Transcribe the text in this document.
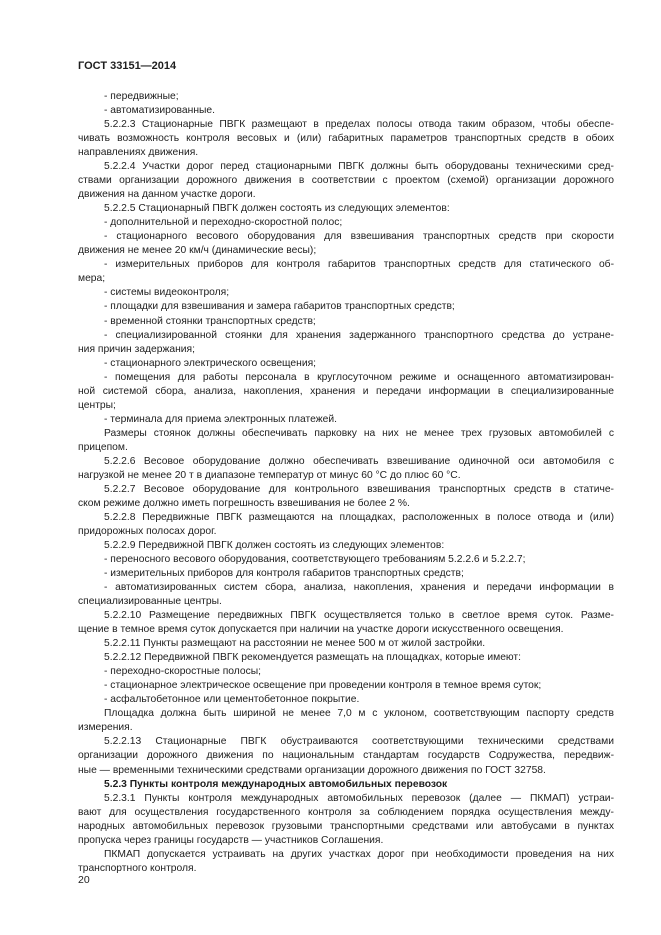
ГОСТ 33151—2014
- передвижные;
- автоматизированные.
5.2.2.3 Стационарные ПВГК размещают в пределах полосы отвода таким образом, чтобы обеспе-
чивать возможность контроля весовых и (или) габаритных параметров транспортных средств в обоих
направлениях движения.
5.2.2.4 Участки дорог перед стационарными ПВГК должны быть оборудованы техническими сред-
ствами организации дорожного движения в соответствии с проектом (схемой) организации дорожного
движения на данном участке дороги.
5.2.2.5 Стационарный ПВГК должен состоять из следующих элементов:
- дополнительной и переходно-скоростной полос;
- стационарного весового оборудования для взвешивания транспортных средств при скорости
движения не менее 20 км/ч (динамические весы);
- измерительных приборов для контроля габаритов транспортных средств для статического об-
мера;
- системы видеоконтроля;
- площадки для взвешивания и замера габаритов транспортных средств;
- временной стоянки транспортных средств;
- специализированной стоянки для хранения задержанного транспортного средства до устране-
ния причин задержания;
- стационарного электрического освещения;
- помещения для работы персонала в круглосуточном режиме и оснащенного автоматизирован-
ной системой сбора, анализа, накопления, хранения и передачи информации в специализированные
центры;
- терминала для приема электронных платежей.
Размеры стоянок должны обеспечивать парковку на них не менее трех грузовых автомобилей с
прицепом.
5.2.2.6 Весовое оборудование должно обеспечивать взвешивание одиночной оси автомобиля с
нагрузкой не менее 20 т в диапазоне температур от минус 60 °С до плюс 60 °С.
5.2.2.7 Весовое оборудование для контрольного взвешивания транспортных средств в статиче-
ском режиме должно иметь погрешность взвешивания не более 2 %.
5.2.2.8 Передвижные ПВГК размещаются на площадках, расположенных в полосе отвода и (или)
придорожных полосах дорог.
5.2.2.9 Передвижной ПВГК должен состоять из следующих элементов:
- переносного весового оборудования, соответствующего требованиям 5.2.2.6 и 5.2.2.7;
- измерительных приборов для контроля габаритов транспортных средств;
- автоматизированных систем сбора, анализа, накопления, хранения и передачи информации в
специализированные центры.
5.2.2.10 Размещение передвижных ПВГК осуществляется только в светлое время суток. Разме-
щение в темное время суток допускается при наличии на участке дороги искусственного освещения.
5.2.2.11 Пункты размещают на расстоянии не менее 500 м от жилой застройки.
5.2.2.12 Передвижной ПВГК рекомендуется размещать на площадках, которые имеют:
- переходно-скоростные полосы;
- стационарное электрическое освещение при проведении контроля в темное время суток;
- асфальтобетонное или цементобетонное покрытие.
Площадка должна быть шириной не менее 7,0 м с уклоном, соответствующим паспорту средств
измерения.
5.2.2.13 Стационарные ПВГК обустраиваются соответствующими техническими средствами
организации дорожного движения по национальным стандартам государств Содружества, передвиж-
ные — временными техническими средствами организации дорожного движения по ГОСТ 32758.
5.2.3 Пункты контроля международных автомобильных перевозок
5.2.3.1 Пункты контроля международных автомобильных перевозок (далее — ПКМАП) устраи-
вают для осуществления государственного контроля за соблюдением порядка осуществления между-
народных автомобильных перевозок грузовыми транспортными средствами или автобусами в пунктах
пропуска через границы государств — участников Соглашения.
ПКМАП допускается устраивать на других участках дорог при необходимости проведения на них
транспортного контроля.
20
